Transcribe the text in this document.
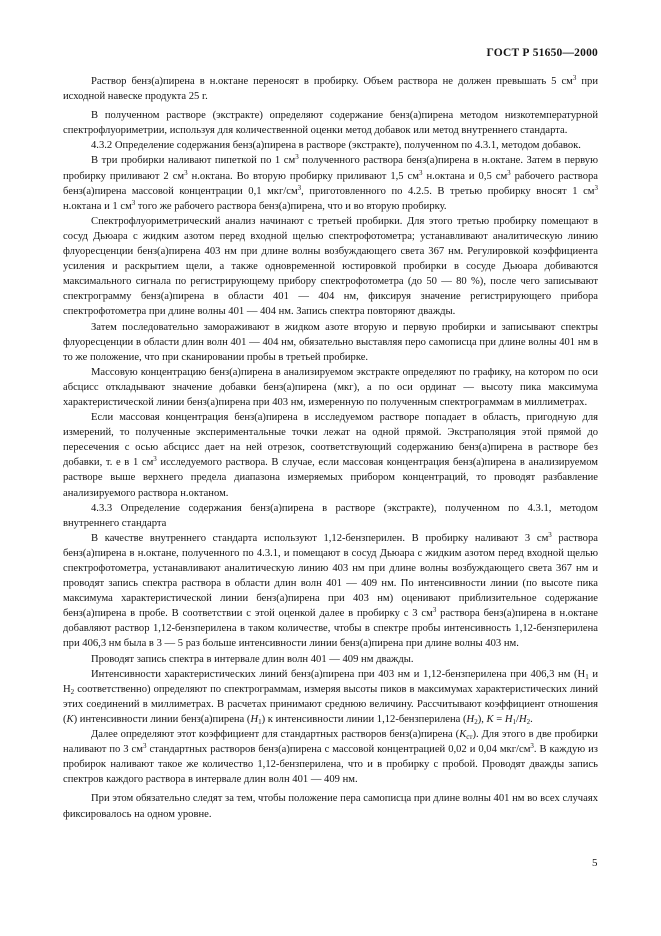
ГОСТ Р 51650—2000

Раствор бенз(а)пирена в н.октане переносят в пробирку. Объем раствора не должен превышать 5 $см^3$ при исходной навеске продукта 25 г.

В полученном растворе (экстракте) определяют содержание бенз(а)пирена методом низкотемпературной спектрофлуориметрии, используя для количественной оценки метод добавок или метод внутреннего стандарта.

4.3.2 Определение содержания бенз(а)пирена в растворе (экстракте), полученном по 4.3.1, методом добавок.

В три пробирки наливают пипеткой по 1 $см^3$ полученного раствора бенз(а)пирена в н.октане. Затем в первую пробирку приливают 2 $см^3$ н.октана. Во вторую пробирку приливают 1,5 $см^3$ н.октана и 0,5 $см^3$ рабочего раствора бенз(а)пирена массовой концентрации 0,1 мкг/$см^3$, приготовленного по 4.2.5. В третью пробирку вносят 1 $см^3$ н.октана и 1 $см^3$ того же рабочего раствора бенз(а)пирена, что и во вторую пробирку.

Спектрофлуориметрический анализ начинают с третьей пробирки. Для этого третью пробирку помещают в сосуд Дьюара с жидким азотом перед входной щелью спектрофотометра; устанавливают аналитическую линию флуоресценции бенз(а)пирена 403 нм при длине волны возбуждающего света 367 нм. Регулировкой коэффициента усиления и раскрытием щели, а также одновременной юстировкой пробирки в сосуде Дьюара добиваются максимального сигнала по регистрирующему прибору спектрофотометра (до 50 — 80 %), после чего записывают спектрограмму бенз(а)пирена в области 401 — 404 нм, фиксируя значение регистрирующего прибора спектрофотометра при длине волны 401 — 404 нм. Запись спектра повторяют дважды.

Затем последовательно замораживают в жидком азоте вторую и первую пробирки и записывают спектры флуоресценции в области длин волн 401 — 404 нм, обязательно выставляя перо самописца при длине волны 401 нм в то же положение, что при сканировании пробы в третьей пробирке.

Массовую концентрацию бенз(а)пирена в анализируемом экстракте определяют по графику, на котором по оси абсцисс откладывают значение добавки бенз(а)пирена (мкг), а по оси ординат — высоту пика максимума характеристической линии бенз(а)пирена при 403 нм, измеренную по полученным спектрограммам в миллиметрах.

Если массовая концентрация бенз(а)пирена в исследуемом растворе попадает в область, пригодную для измерений, то полученные экспериментальные точки лежат на одной прямой. Экстраполяция этой прямой до пересечения с осью абсцисс дает на ней отрезок, соответствующий содержанию бенз(а)пирена в растворе без добавки, т. е в 1 $см^3$ исследуемого раствора. В случае, если массовая концентрация бенз(а)пирена в анализируемом растворе выше верхнего предела диапазона измеряемых прибором концентраций, то проводят разбавление анализируемого раствора н.октаном.

4.3.3 Определение содержания бенз(а)пирена в растворе (экстракте), полученном по 4.3.1, методом внутреннего стандарта

В качестве внутреннего стандарта используют 1,12-бензперилен. В пробирку наливают 3 $см^3$ раствора бенз(а)пирена в н.октане, полученного по 4.3.1, и помещают в сосуд Дьюара с жидким азотом перед входной щелью спектрофотометра, устанавливают аналитическую линию 403 нм при длине волны возбуждающего света 367 нм и проводят запись спектра раствора в области длин волн 401 — 409 нм. По интенсивности линии (по высоте пика максимума характеристической линии бенз(а)пирена при 403 нм) оценивают приблизительное содержание бенз(а)пирена в пробе. В соответствии с этой оценкой далее в пробирку с 3 $см^3$ раствора бенз(а)пирена в н.октане добавляют раствор 1,12-бензперилена в таком количестве, чтобы в спектре пробы интенсивность 1,12-бензперилена при 406,3 нм была в 3 — 5 раз больше интенсивности линии бенз(а)пирена при длине волны 403 нм.

Проводят запись спектра в интервале длин волн 401 — 409 нм дважды.

Интенсивности характеристических линий бенз(а)пирена при 403 нм и 1,12-бензперилена при 406,3 нм ($H_1$ и $H_2$ соответственно) определяют по спектрограммам, измеряя высоты пиков в максимумах характеристических линий этих соединений в миллиметрах. В расчетах принимают среднюю величину. Рассчитывают коэффициент отношения (K) интенсивности линии бенз(а)пирена $(H_1)$ к интенсивности линии 1,12-бензперилена $(H_2)$, $K = H_1/H_2$.

Далее определяют этот коэффициент для стандартных растворов бенз(а)пирена $(K_{ст})$. Для этого в две пробирки наливают по 3 $см^3$ стандартных растворов бенз(а)пирена с массовой концентрацией 0,02 и 0,04 мкг/$см^3$. В каждую из пробирок наливают такое же количество 1,12-бензперилена, что и в пробирку с пробой. Проводят дважды запись спектров каждого раствора в интервале длин волн 401 — 409 нм.

При этом обязательно следят за тем, чтобы положение пера самописца при длине волны 401 нм во всех случаях фиксировалось на одном уровне.

5
